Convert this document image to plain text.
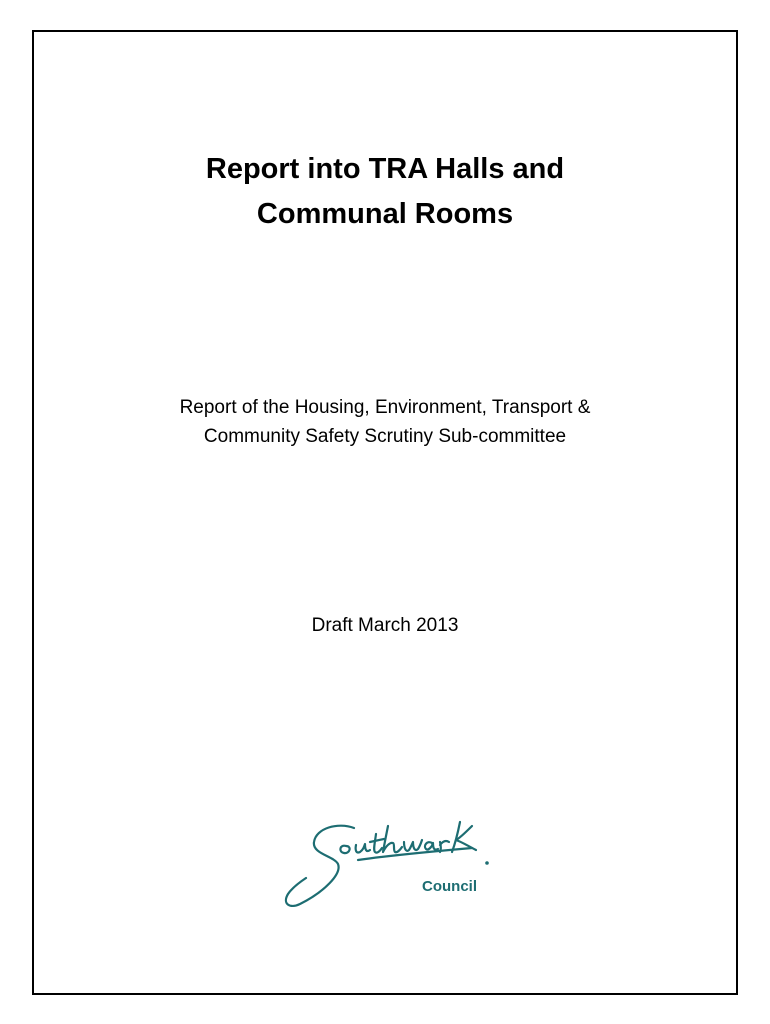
Report into TRA Halls and
Communal Rooms
Report of the Housing, Environment, Transport &
Community Safety Scrutiny Sub-committee
Draft March 2013
Council
